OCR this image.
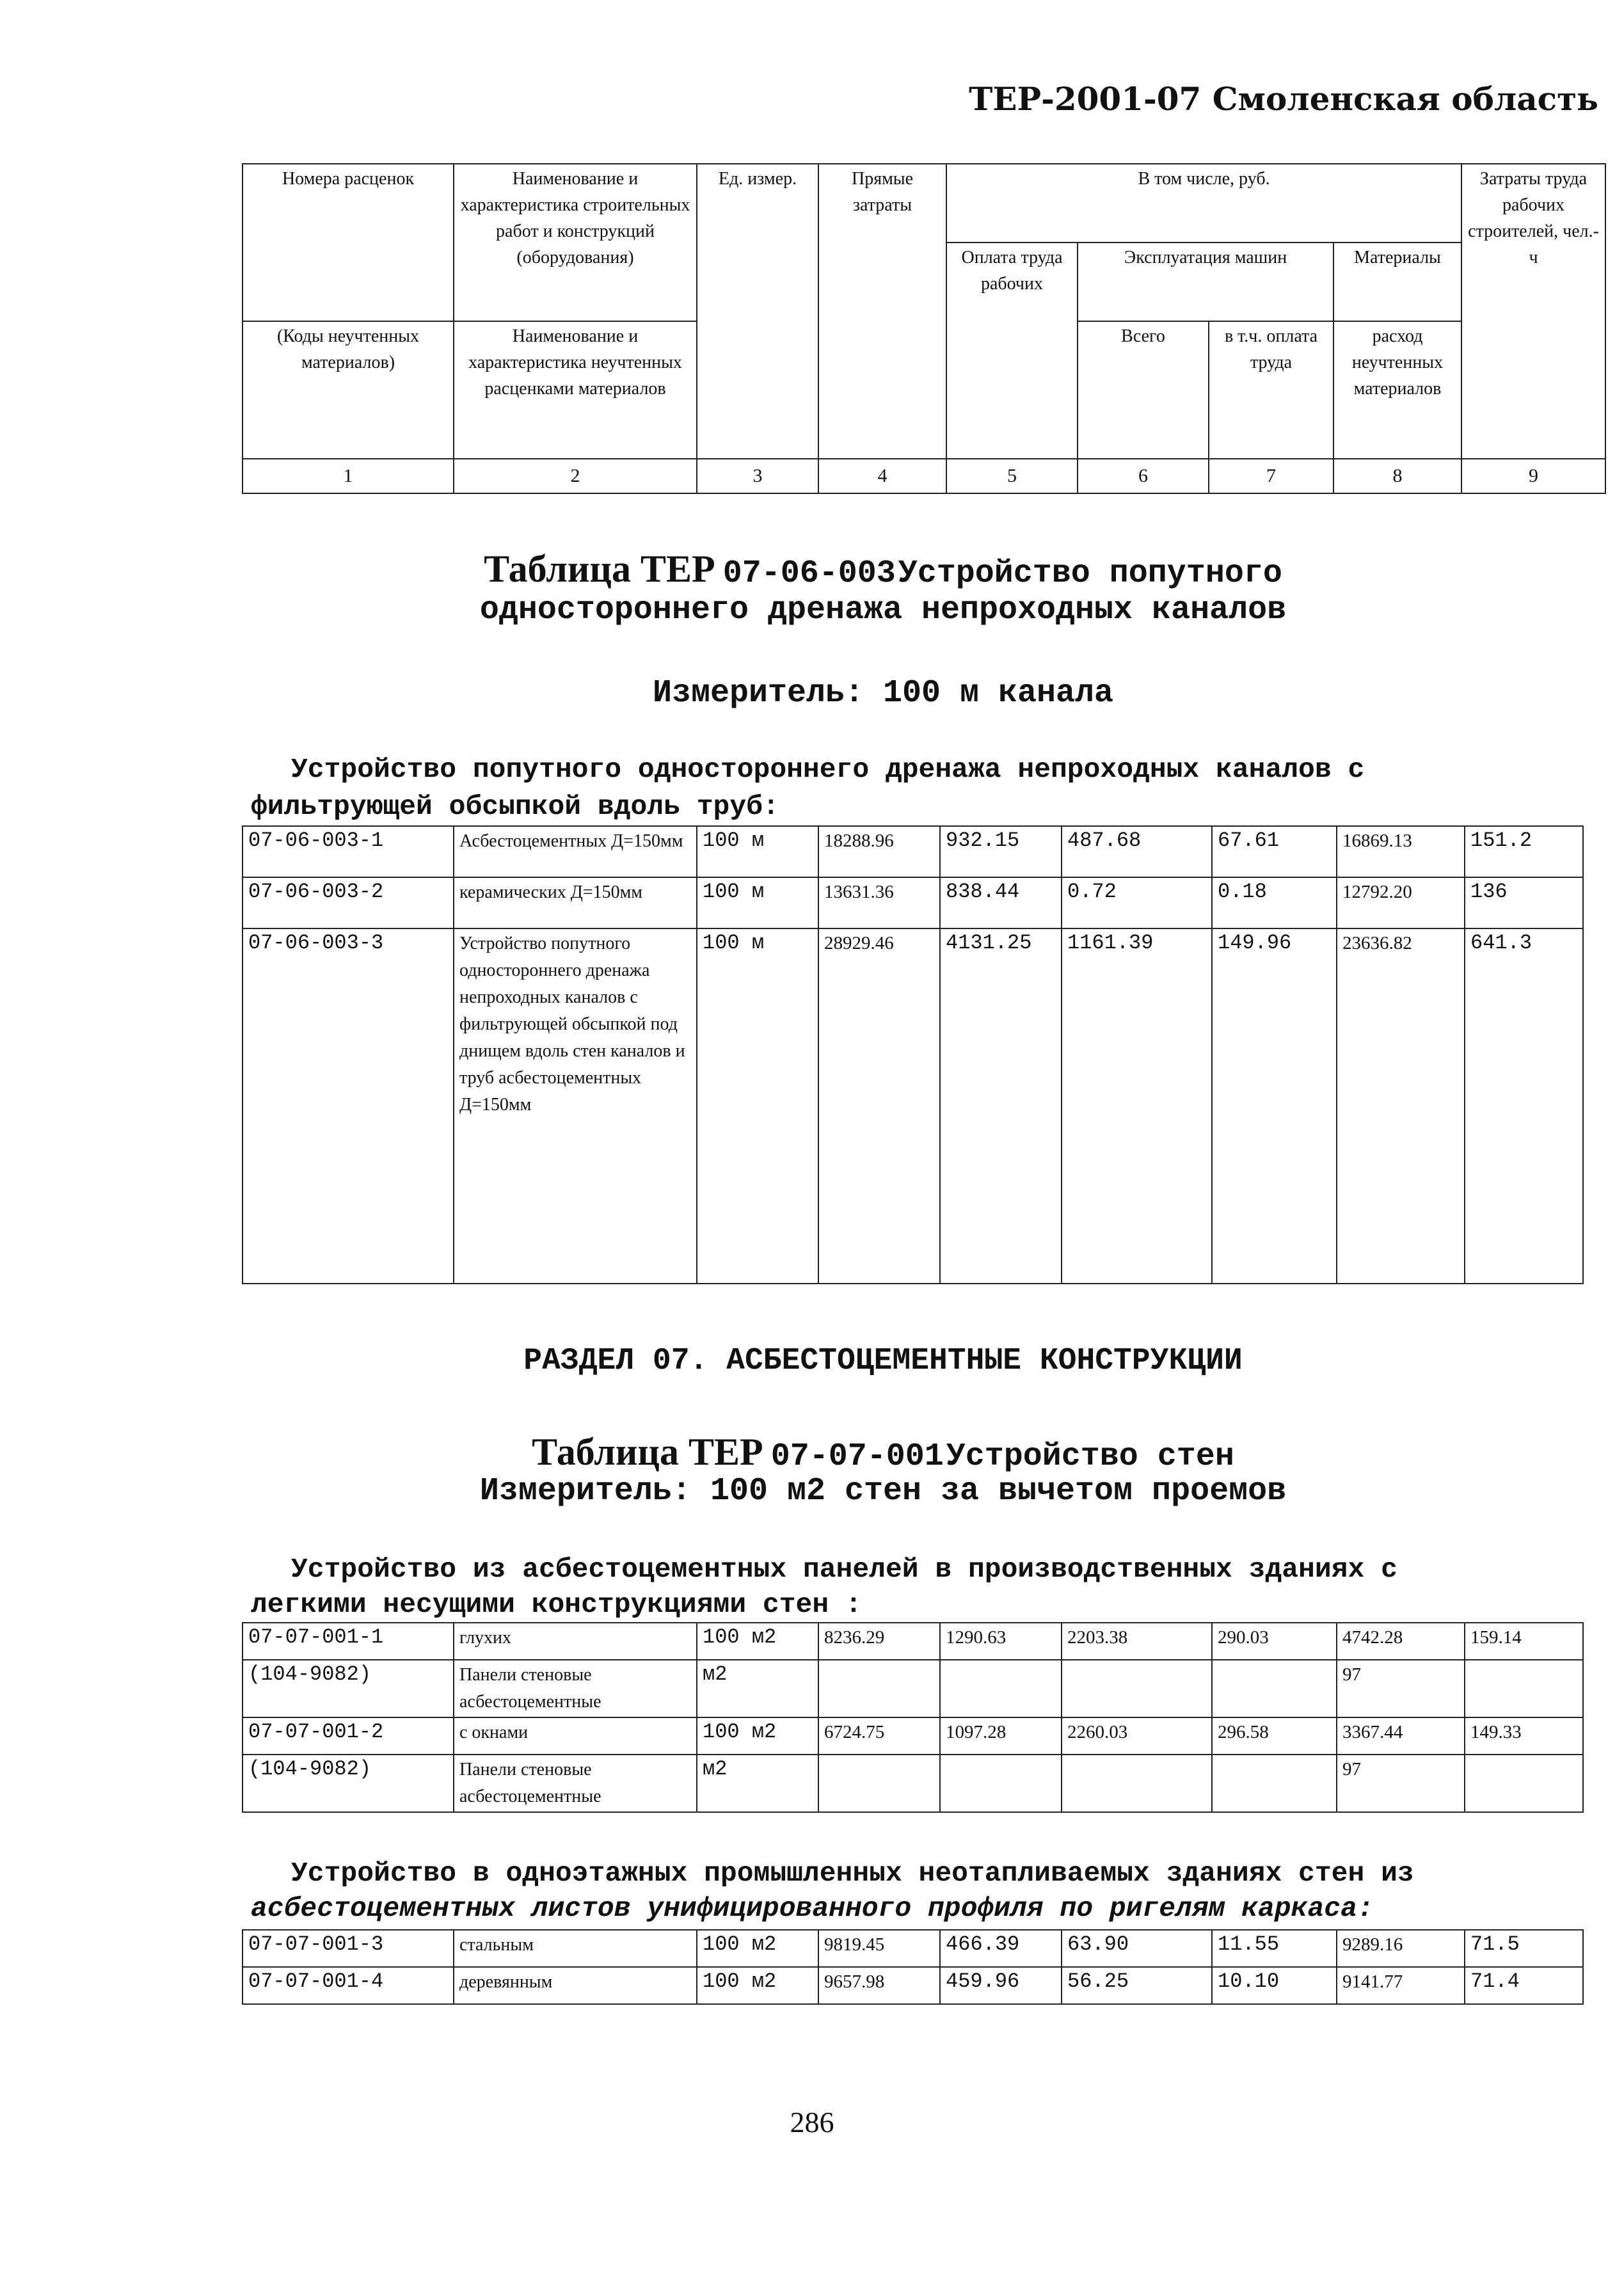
ТЕР-2001-07 Смоленская область
Номера расценок	Наименование и характеристика строительных работ и конструкций (оборудования)	Ед. измер.	Прямые затраты	В том числе, руб.				Затраты труда рабочих строителей, чел.-ч
				Оплата труда рабочих	Эксплуатация машин		Материалы	
(Коды неучтенных материалов)	Наименование и характеристика неучтенных расценками материалов				Всего	в т.ч. оплата труда	расход неучтенных материалов	
1	2	3	4	5	6	7	8	9
Таблица ТЕР 07-06-003 Устройство попутного
одностороннего дренажа непроходных каналов
Измеритель: 100 м канала
Устройство попутного одностороннего дренажа непроходных каналов с
фильтрующей обсыпкой вдоль труб:
07-06-003-1	Асбестоцементных Д=150мм	100 м	18288.96	932.15	487.68	67.61	16869.13	151.2
07-06-003-2	керамических Д=150мм	100 м	13631.36	838.44	0.72	0.18	12792.20	136
07-06-003-3	Устройство попутного одностороннего дренажа непроходных каналов с фильтрующей обсыпкой под днищем вдоль стен каналов и труб асбестоцементных Д=150мм	100 м	28929.46	4131.25	1161.39	149.96	23636.82	641.3
РАЗДЕЛ 07. АСБЕСТОЦЕМЕНТНЫЕ КОНСТРУКЦИИ
Таблица ТЕР 07-07-001 Устройство стен
Измеритель: 100 м2 стен за вычетом проемов
Устройство из асбестоцементных панелей в производственных зданиях с
легкими несущими конструкциями стен :
07-07-001-1	глухих	100 м2	8236.29	1290.63	2203.38	290.03	4742.28	159.14
(104-9082)	Панели стеновые асбестоцементные	м2					97	
07-07-001-2	с окнами	100 м2	6724.75	1097.28	2260.03	296.58	3367.44	149.33
(104-9082)	Панели стеновые асбестоцементные	м2					97	
Устройство в одноэтажных промышленных неотапливаемых зданиях стен из
асбестоцементных листов унифицированного профиля по ригелям каркаса:
07-07-001-3	стальным	100 м2	9819.45	466.39	63.90	11.55	9289.16	71.5
07-07-001-4	деревянным	100 м2	9657.98	459.96	56.25	10.10	9141.77	71.4
286
